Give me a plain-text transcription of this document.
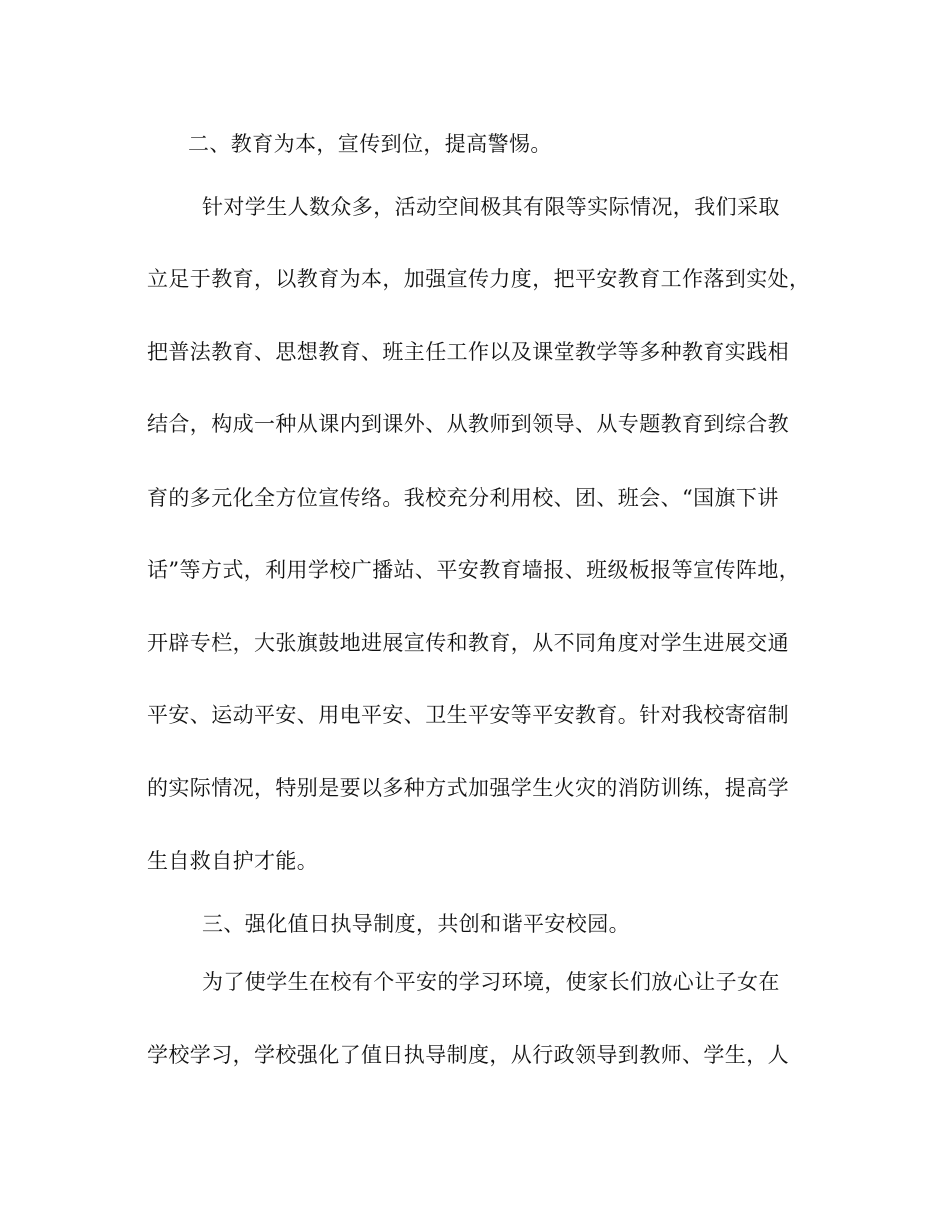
二、教育为本，宣传到位，提高警惕。
针对学生人数众多，活动空间极其有限等实际情况，我们采取
立足于教育，以教育为本，加强宣传力度，把平安教育工作落到实处，
把普法教育、思想教育、班主任工作以及课堂教学等多种教育实践相
结合，构成一种从课内到课外、从教师到领导、从专题教育到综合教
育的多元化全方位宣传络。我校充分利用校、团、班会、“国旗下讲
话”等方式，利用学校广播站、平安教育墙报、班级板报等宣传阵地，
开辟专栏，大张旗鼓地进展宣传和教育，从不同角度对学生进展交通
平安、运动平安、用电平安、卫生平安等平安教育。针对我校寄宿制
的实际情况，特别是要以多种方式加强学生火灾的消防训练，提高学
生自救自护才能。
三、强化值日执导制度，共创和谐平安校园。
为了使学生在校有个平安的学习环境，使家长们放心让子女在
学校学习，学校强化了值日执导制度，从行政领导到教师、学生，人
